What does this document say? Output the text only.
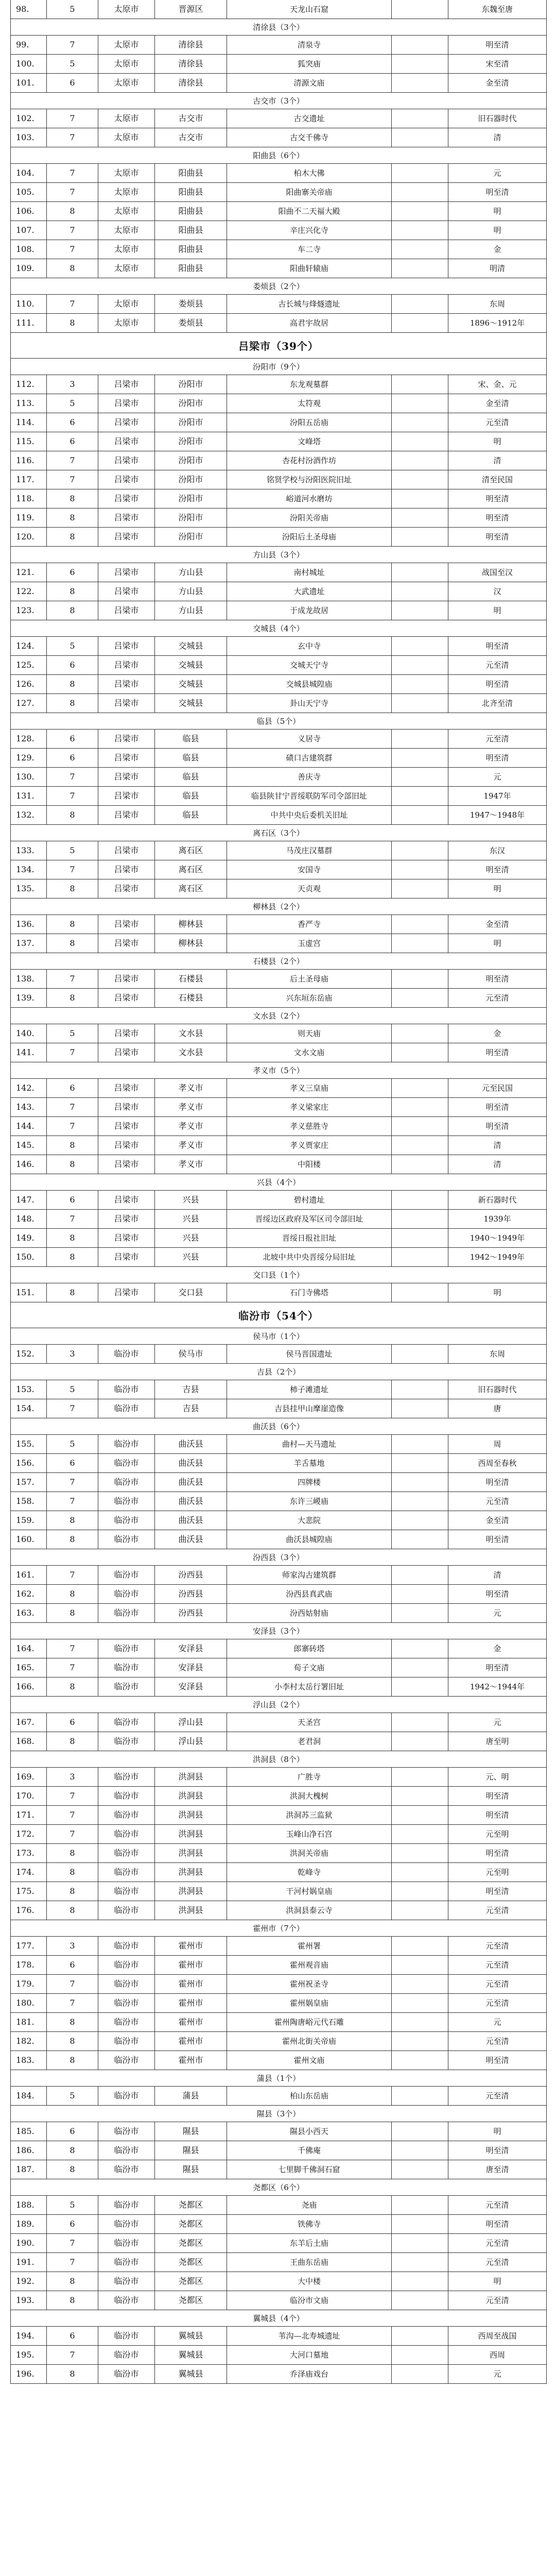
98.	5	太原市	晋源区	天龙山石窟	东魏至唐
清徐县（3个）
99.	7	太原市	清徐县	清泉寺	明至清
100.	5	太原市	清徐县	狐突庙	宋至清
101.	6	太原市	清徐县	清源文庙	金至清
古交市（3个）
102.	7	太原市	古交市	古交遗址	旧石器时代
103.	7	太原市	古交市	古交千佛寺	清
阳曲县（6个）
104.	7	太原市	阳曲县	柏木大佛	元
105.	7	太原市	阳曲县	阳曲寨关帝庙	明至清
106.	8	太原市	阳曲县	阳曲不二天福大殿	明
107.	7	太原市	阳曲县	辛庄兴化寺	明
108.	7	太原市	阳曲县	车二寺	金
109.	8	太原市	阳曲县	阳曲轩辕庙	明清
娄烦县（2个）
110.	7	太原市	娄烦县	古长城与烽燧遗址	东周
111.	8	太原市	娄烦县	高君宇故居	1896～1912年
吕梁市（39个）
汾阳市（9个）
112.	3	吕梁市	汾阳市	东龙观墓群	宋、金、元
113.	5	吕梁市	汾阳市	太符观	金至清
114.	6	吕梁市	汾阳市	汾阳五岳庙	元至清
115.	6	吕梁市	汾阳市	文峰塔	明
116.	7	吕梁市	汾阳市	杏花村汾酒作坊	清
117.	7	吕梁市	汾阳市	铭贤学校与汾阳医院旧址	清至民国
118.	8	吕梁市	汾阳市	峪道河水磨坊	明至清
119.	8	吕梁市	汾阳市	汾阳关帝庙	明至清
120.	8	吕梁市	汾阳市	汾阳后土圣母庙	明至清
方山县（3个）
121.	6	吕梁市	方山县	南村城址	战国至汉
122.	8	吕梁市	方山县	大武遗址	汉
123.	8	吕梁市	方山县	于成龙故居	明
交城县（4个）
124.	5	吕梁市	交城县	玄中寺	明至清
125.	6	吕梁市	交城县	交城天宁寺	元至清
126.	8	吕梁市	交城县	交城县城隍庙	明至清
127.	8	吕梁市	交城县	卦山天宁寺	北齐至清
临县（5个）
128.	6	吕梁市	临县	义居寺	元至清
129.	6	吕梁市	临县	碛口古建筑群	明至清
130.	7	吕梁市	临县	善庆寺	元
131.	7	吕梁市	临县	临县陕甘宁晋绥联防军司令部旧址	1947年
132.	8	吕梁市	临县	中共中央后委机关旧址	1947～1948年
离石区（3个）
133.	5	吕梁市	离石区	马茂庄汉墓群	东汉
134.	7	吕梁市	离石区	安国寺	明至清
135.	8	吕梁市	离石区	天贞观	明
柳林县（2个）
136.	8	吕梁市	柳林县	香严寺	金至清
137.	8	吕梁市	柳林县	玉虚宫	明
石楼县（2个）
138.	7	吕梁市	石楼县	后土圣母庙	明至清
139.	8	吕梁市	石楼县	兴东垣东岳庙	元至清
文水县（2个）
140.	5	吕梁市	文水县	则天庙	金
141.	7	吕梁市	文水县	文水文庙	明至清
孝义市（5个）
142.	6	吕梁市	孝义市	孝义三皇庙	元至民国
143.	7	吕梁市	孝义市	孝义梁家庄	明至清
144.	7	吕梁市	孝义市	孝义慈胜寺	明至清
145.	8	吕梁市	孝义市	孝义贾家庄	清
146.	8	吕梁市	孝义市	中阳楼	清
兴县（4个）
147.	6	吕梁市	兴县	碧村遗址	新石器时代
148.	7	吕梁市	兴县	晋绥边区政府及军区司令部旧址	1939年
149.	8	吕梁市	兴县	晋绥日报社旧址	1940～1949年
150.	8	吕梁市	兴县	北坡中共中央晋绥分局旧址	1942～1949年
交口县（1个）
151.	8	吕梁市	交口县	石门寺佛塔	明
临汾市（54个）
侯马市（1个）
152.	3	临汾市	侯马市	侯马晋国遗址	东周
吉县（2个）
153.	5	临汾市	吉县	柿子滩遗址	旧石器时代
154.	7	临汾市	吉县	吉县挂甲山摩崖造像	唐
曲沃县（6个）
155.	5	临汾市	曲沃县	曲村—天马遗址	周
156.	6	临汾市	曲沃县	羊舌墓地	西周至春秋
157.	7	临汾市	曲沃县	四牌楼	明至清
158.	7	临汾市	曲沃县	东许三嵕庙	元至清
159.	8	临汾市	曲沃县	大悲院	金至清
160.	8	临汾市	曲沃县	曲沃县城隍庙	明至清
汾西县（3个）
161.	7	临汾市	汾西县	师家沟古建筑群	清
162.	8	临汾市	汾西县	汾西县真武庙	明至清
163.	8	临汾市	汾西县	汾西姑射庙	元
安泽县（3个）
164.	7	临汾市	安泽县	郎寨砖塔	金
165.	7	临汾市	安泽县	荀子文庙	明至清
166.	8	临汾市	安泽县	小李村太岳行署旧址	1942～1944年
浮山县（2个）
167.	6	临汾市	浮山县	天圣宫	元
168.	8	临汾市	浮山县	老君洞	唐至明
洪洞县（8个）
169.	3	临汾市	洪洞县	广胜寺	元、明
170.	7	临汾市	洪洞县	洪洞大槐树	明至清
171.	7	临汾市	洪洞县	洪洞苏三监狱	明至清
172.	7	临汾市	洪洞县	玉峰山净石宫	元至明
173.	8	临汾市	洪洞县	洪洞关帝庙	明至清
174.	8	临汾市	洪洞县	乾峰寺	元至明
175.	8	临汾市	洪洞县	干河村娲皇庙	明至清
176.	8	临汾市	洪洞县	洪洞县泰云寺	元至清
霍州市（7个）
177.	3	临汾市	霍州市	霍州署	元至清
178.	6	临汾市	霍州市	霍州观音庙	元至清
179.	7	临汾市	霍州市	霍州祝圣寺	元至清
180.	7	临汾市	霍州市	霍州娲皇庙	元至清
181.	8	临汾市	霍州市	霍州陶唐峪元代石雕	元
182.	8	临汾市	霍州市	霍州北街关帝庙	元至清
183.	8	临汾市	霍州市	霍州文庙	明至清
蒲县（1个）
184.	5	临汾市	蒲县	柏山东岳庙	元至清
隰县（3个）
185.	6	临汾市	隰县	隰县小西天	明
186.	8	临汾市	隰县	千佛庵	明至清
187.	8	临汾市	隰县	七里脚千佛洞石窟	唐至清
尧都区（6个）
188.	5	临汾市	尧都区	尧庙	元至清
189.	6	临汾市	尧都区	铁佛寺	明至清
190.	7	临汾市	尧都区	东羊后土庙	元至清
191.	7	临汾市	尧都区	王曲东岳庙	元至清
192.	8	临汾市	尧都区	大中楼	明
193.	8	临汾市	尧都区	临汾市文庙	元至清
翼城县（4个）
194.	6	临汾市	翼城县	苇沟—北寿城遗址	西周至战国
195.	7	临汾市	翼城县	大河口墓地	西周
196.	8	临汾市	翼城县	乔泽庙戏台	元
